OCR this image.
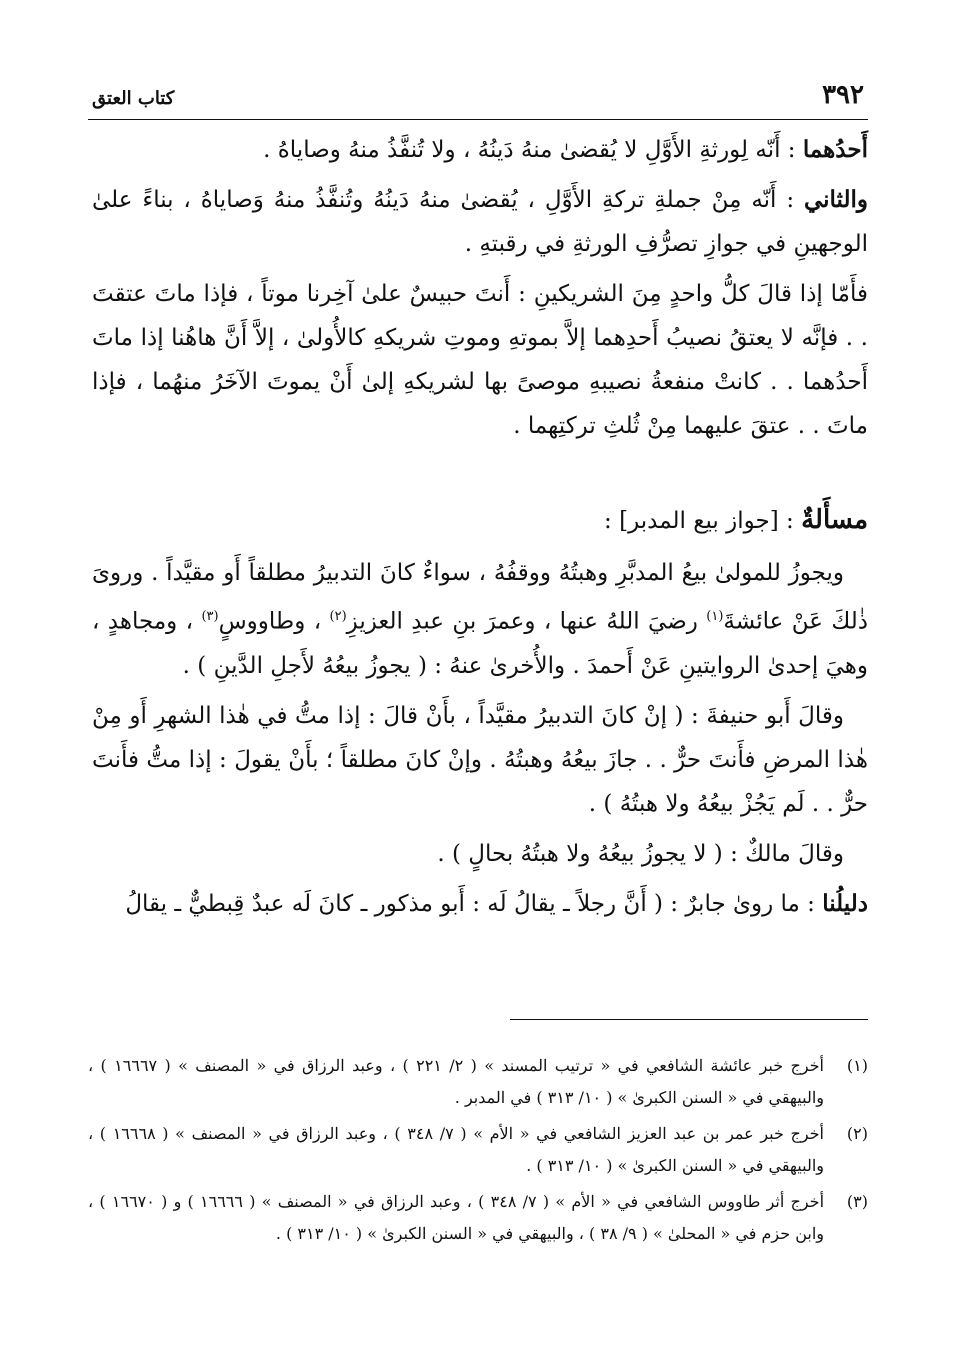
٣٩٢
كتاب العتق

أَحدُهما : أَنّه لِورثةِ الأَوَّلِ لا يُقضىٰ منهُ دَينُهُ ، ولا تُنفَّذُ منهُ وصاياهُ .

والثاني : أَنّه مِنْ جملةِ تركةِ الأَوَّلِ ، يُقضىٰ منهُ دَينُهُ وتُنفَّذُ منهُ وَصاياهُ ، بناءً علىٰ الوجهينِ في جوازِ تصرُّفِ الورثةِ في رقبتهِ .

فأَمّا إذا قالَ كلُّ واحدٍ مِنَ الشريكينِ : أَنتَ حبيسٌ علىٰ آخِرنا موتاً ، فإذا ماتَ عتقتَ . . فإنَّه لا يعتقُ نصيبُ أَحدِهما إلاَّ بموتهِ وموتِ شريكهِ كالأُولىٰ ، إلاَّ أَنَّ هاهُنا إذا ماتَ أَحدُهما . . كانتْ منفعةُ نصيبهِ موصىً بها لشريكهِ إلىٰ أَنْ يموتَ الآخَرُ منهُما ، فإذا ماتَ . . عتقَ عليهما مِنْ ثُلثِ تركتِهما .

مسأَلةٌ : [جواز بيع المدبر] :

ويجوزُ للمولىٰ بيعُ المدبَّرِ وهبتُهُ ووقفُهُ ، سواءٌ كانَ التدبيرُ مطلقاً أَو مقيَّداً . وروىَ ذٰلكَ عَنْ عائشةَ$^{(١)}$ رضيَ اللهُ عنها ، وعمرَ بنِ عبدِ العزيزِ$^{(٢)}$ ، وطاووسٍ$^{(٣)}$ ، ومجاهدٍ ، وهيَ إحدىٰ الروايتينِ عَنْ أَحمدَ . والأُخرىٰ عنهُ : ( يجوزُ بيعُهُ لأَجلِ الدَّينِ ) .

وقالَ أَبو حنيفةَ : ( إنْ كانَ التدبيرُ مقيَّداً ، بأَنْ قالَ : إذا متُّ في هٰذا الشهرِ أَو مِنْ هٰذا المرضِ فأَنتَ حرٌّ . . جازَ بيعُهُ وهبتُهُ . وإنْ كانَ مطلقاً ؛ بأَنْ يقولَ : إذا متُّ فأَنتَ حرٌّ . . لَم يَجُزْ بيعُهُ ولا هبتُهُ ) .

وقالَ مالكٌ : ( لا يجوزُ بيعُهُ ولا هبتُهُ بحالٍ ) .

دليلُنا : ما روىٰ جابرٌ : ( أَنَّ رجلاً ـ يقالُ لَه : أَبو مذكور ـ كانَ لَه عبدٌ قِبطيٌّ ـ يقالُ

(١)
أخرج خبر عائشة الشافعي في « ترتيب المسند » ( ٢/ ٢٢١ ) ، وعبد الرزاق في « المصنف » ( ١٦٦٦٧ ) ، والبيهقي في « السنن الكبرىٰ » ( ١٠/ ٣١٣ ) في المدبر .
(٢)
أخرج خبر عمر بن عبد العزيز الشافعي في « الأم » ( ٧/ ٣٤٨ ) ، وعبد الرزاق في « المصنف » ( ١٦٦٦٨ ) ، والبيهقي في « السنن الكبرىٰ » ( ١٠/ ٣١٣ ) .
(٣)
أخرج أثر طاووس الشافعي في « الأم » ( ٧/ ٣٤٨ ) ، وعبد الرزاق في « المصنف » ( ١٦٦٦٦ ) و ( ١٦٦٧٠ ) ، وابن حزم في « المحلىٰ » ( ٩/ ٣٨ ) ، والبيهقي في « السنن الكبرىٰ » ( ١٠/ ٣١٣ ) .
